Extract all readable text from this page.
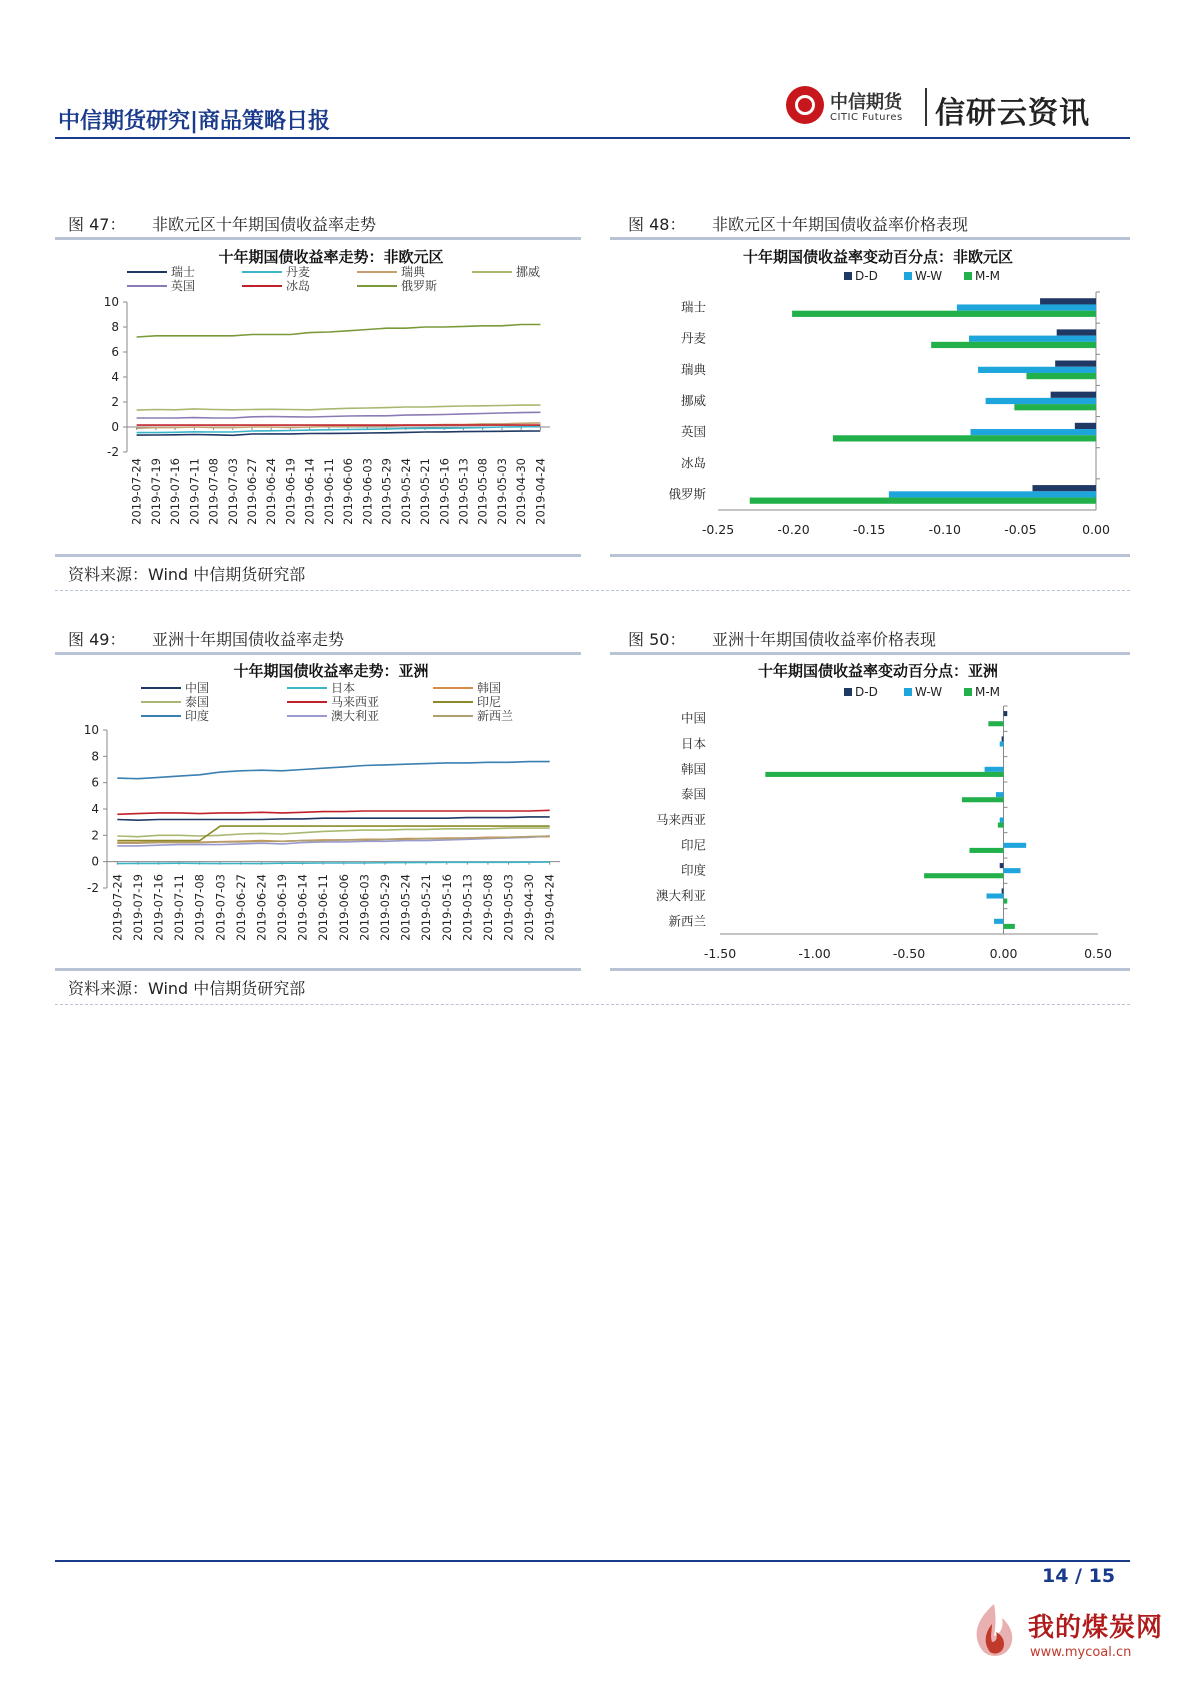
中信期货研究|商品策略日报
中信期货
CITIC Futures 信研云资讯
图 47： 非欧元区十年期国债收益率走势	图 48： 非欧元区十年期国债收益率价格表现
十年期国债收益率走势：非欧元区
瑞士	丹麦	瑞典	挪威
英国	冰岛	俄罗斯
-2
0
2
4
6
8
10
2019-07-24 2019-07-19 2019-07-16 2019-07-11 2019-07-08 2019-07-03 2019-06-27 2019-06-24 2019-06-19 2019-06-14 2019-06-11 2019-06-06 2019-06-03 2019-05-29 2019-05-24 2019-05-21 2019-05-16 2019-05-13 2019-05-08 2019-05-03 2019-04-30 2019-04-24
十年期国债收益率变动百分点：非欧元区
D-D	W-W	M-M
-0.25	-0.20	-0.15	-0.10	-0.05	0.00
瑞士
丹麦
瑞典
挪威
英国
冰岛
俄罗斯
资料来源：Wind 中信期货研究部
图 49： 亚洲十年期国债收益率走势	图 50： 亚洲十年期国债收益率价格表现
十年期国债收益率走势：亚洲
中国	日本	韩国
泰国	马来西亚	印尼
印度	澳大利亚	新西兰
-2
0
2
4
6
8
10
2019-07-24 2019-07-19 2019-07-16 2019-07-11 2019-07-08 2019-07-03 2019-06-27 2019-06-24 2019-06-19 2019-06-14 2019-06-11 2019-06-06 2019-06-03 2019-05-29 2019-05-24 2019-05-21 2019-05-16 2019-05-13 2019-05-08 2019-05-03 2019-04-30 2019-04-24
十年期国债收益率变动百分点：亚洲
D-D	W-W	M-M
-1.50	-1.00	-0.50	0.00	0.50
中国
日本
韩国
泰国
马来西亚
印尼
印度
澳大利亚
新西兰
资料来源：Wind 中信期货研究部
14 / 15
我的煤炭网
www.mycoal.cn
